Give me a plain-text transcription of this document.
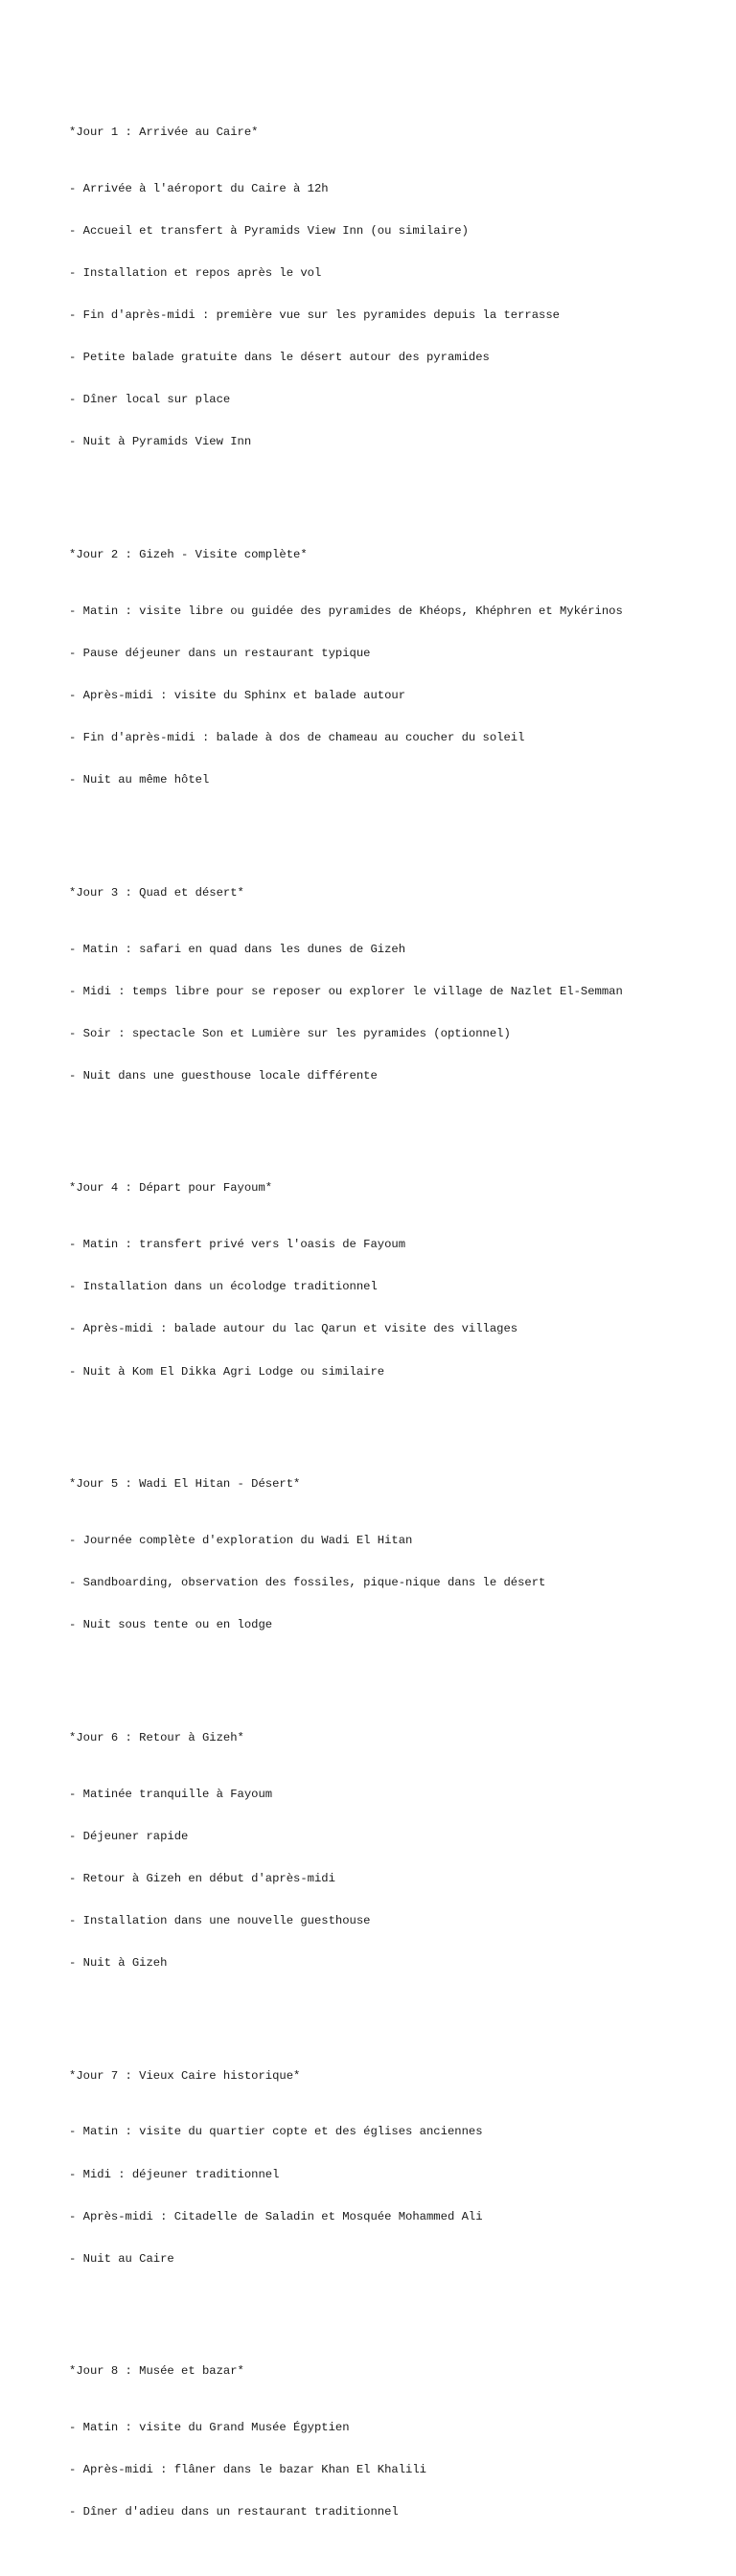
*Jour 1 : Arrivée au Caire*

- Arrivée à l'aéroport du Caire à 12h

- Accueil et transfert à Pyramids View Inn (ou similaire)

- Installation et repos après le vol

- Fin d'après-midi : première vue sur les pyramides depuis la terrasse

- Petite balade gratuite dans le désert autour des pyramides

- Dîner local sur place

- Nuit à Pyramids View Inn

*Jour 2 : Gizeh - Visite complète*

- Matin : visite libre ou guidée des pyramides de Khéops, Khéphren et Mykérinos

- Pause déjeuner dans un restaurant typique

- Après-midi : visite du Sphinx et balade autour

- Fin d'après-midi : balade à dos de chameau au coucher du soleil

- Nuit au même hôtel

*Jour 3 : Quad et désert*

- Matin : safari en quad dans les dunes de Gizeh

- Midi : temps libre pour se reposer ou explorer le village de Nazlet El-Semman

- Soir : spectacle Son et Lumière sur les pyramides (optionnel)

- Nuit dans une guesthouse locale différente

*Jour 4 : Départ pour Fayoum*

- Matin : transfert privé vers l'oasis de Fayoum

- Installation dans un écolodge traditionnel

- Après-midi : balade autour du lac Qarun et visite des villages

- Nuit à Kom El Dikka Agri Lodge ou similaire

*Jour 5 : Wadi El Hitan - Désert*

- Journée complète d'exploration du Wadi El Hitan

- Sandboarding, observation des fossiles, pique-nique dans le désert

- Nuit sous tente ou en lodge

*Jour 6 : Retour à Gizeh*

- Matinée tranquille à Fayoum

- Déjeuner rapide

- Retour à Gizeh en début d'après-midi

- Installation dans une nouvelle guesthouse

- Nuit à Gizeh

*Jour 7 : Vieux Caire historique*

- Matin : visite du quartier copte et des églises anciennes

- Midi : déjeuner traditionnel

- Après-midi : Citadelle de Saladin et Mosquée Mohammed Ali

- Nuit au Caire

*Jour 8 : Musée et bazar*

- Matin : visite du Grand Musée Égyptien

- Après-midi : flâner dans le bazar Khan El Khalili

- Dîner d'adieu dans un restaurant traditionnel
